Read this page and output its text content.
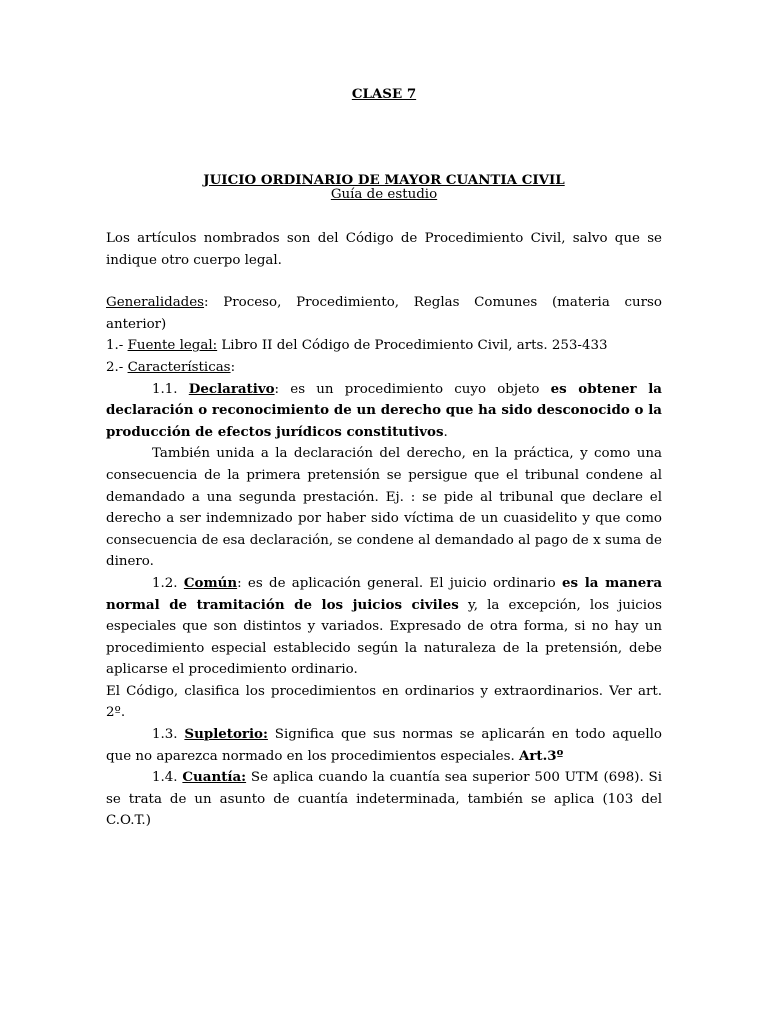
CLASE 7
JUICIO ORDINARIO DE MAYOR CUANTIA CIVIL
Guía de estudio

Los artículos nombrados son del Código de Procedimiento Civil, salvo que se indique otro cuerpo legal.

Generalidades: Proceso, Procedimiento, Reglas Comunes (materia curso anterior)

1.- Fuente legal: Libro II del Código de Procedimiento Civil, arts. 253-433

2.- Características:

1.1. Declarativo: es un procedimiento cuyo objeto es obtener la declaración o reconocimiento de un derecho que ha sido desconocido o la producción de efectos jurídicos constitutivos.

También unida a la declaración del derecho, en la práctica, y como una consecuencia de la primera pretensión se persigue que el tribunal condene al demandado a una segunda prestación. Ej. : se pide al tribunal que declare el derecho a ser indemnizado por haber sido víctima de un cuasidelito y que como consecuencia de esa declaración, se condene al demandado al pago de x suma de dinero.

1.2. Común: es de aplicación general. El juicio ordinario es la manera normal de tramitación de los juicios civiles y, la excepción, los juicios especiales que son distintos y variados. Expresado de otra forma, si no hay un procedimiento especial establecido según la naturaleza de la pretensión, debe aplicarse el procedimiento ordinario.

El Código, clasifica los procedimientos en ordinarios y extraordinarios. Ver art. 2º.

1.3. Supletorio: Significa que sus normas se aplicarán en todo aquello que no aparezca normado en los procedimientos especiales. Art.3º

1.4. Cuantía: Se aplica cuando la cuantía sea superior 500 UTM (698). Si se trata de un asunto de cuantía indeterminada, también se aplica (103 del C.O.T.)
